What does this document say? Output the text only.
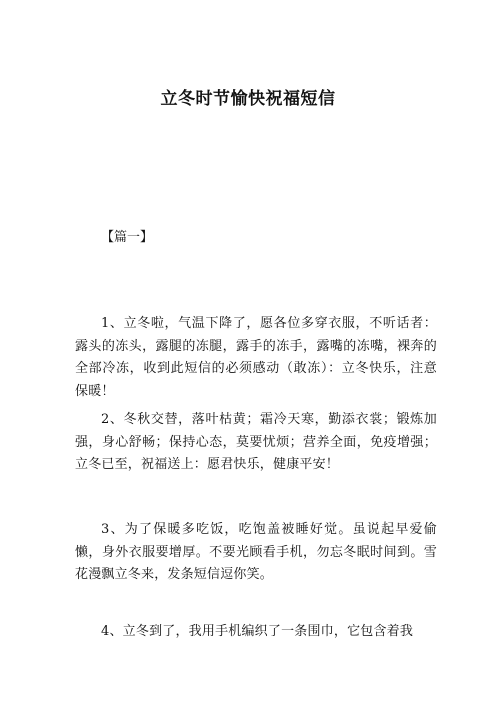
立冬时节愉快祝福短信

【篇一】

1、立冬啦，气温下降了，愿各位多穿衣服，不听话者：露头的冻头，露腿的冻腿，露手的冻手，露嘴的冻嘴，裸奔的全部冷冻，收到此短信的必须感动（敢冻）：立冬快乐，注意保暖！

2、冬秋交替，落叶枯黄；霜冷天寒，勤添衣裳；锻炼加强，身心舒畅；保持心态，莫要忧烦；营养全面，免疫增强；立冬已至，祝福送上：愿君快乐，健康平安！

3、为了保暖多吃饭，吃饱盖被睡好觉。虽说起早爱偷懒，身外衣服要增厚。不要光顾看手机，勿忘冬眠时间到。雪花漫飘立冬来，发条短信逗你笑。

4、立冬到了，我用手机编织了一条围巾，它包含着我
